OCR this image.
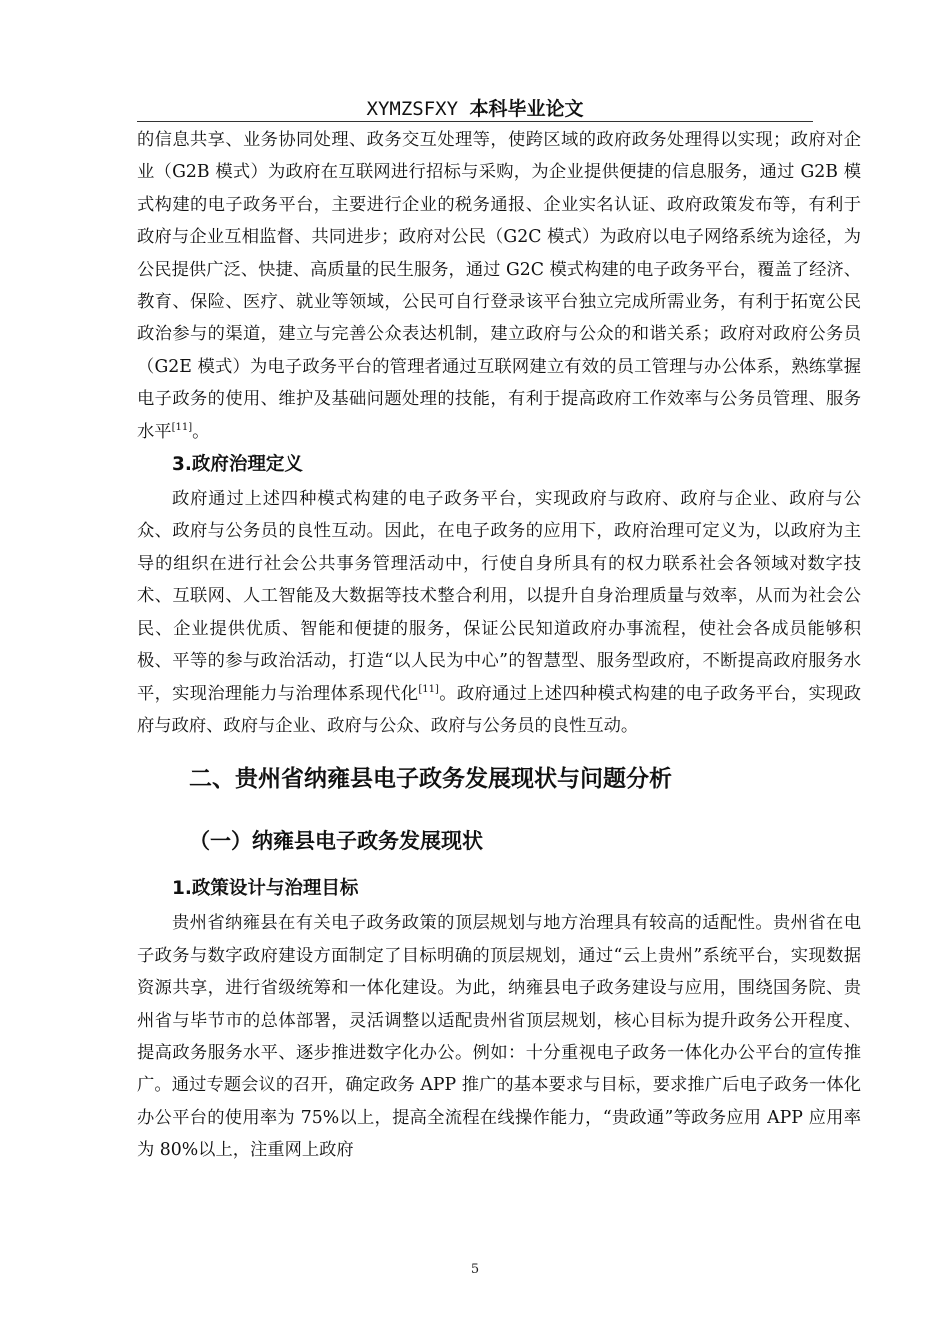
XYMZSFXY 本科毕业论文

的信息共享、业务协同处理、政务交互处理等，使跨区域的政府政务处理得以实现；政府对企业（G2B 模式）为政府在互联网进行招标与采购，为企业提供便捷的信息服务，通过 G2B 模式构建的电子政务平台，主要进行企业的税务通报、企业实名认证、政府政策发布等，有利于政府与企业互相监督、共同进步；政府对公民（G2C 模式）为政府以电子网络系统为途径，为公民提供广泛、快捷、高质量的民生服务，通过 G2C 模式构建的电子政务平台，覆盖了经济、教育、保险、医疗、就业等领域，公民可自行登录该平台独立完成所需业务，有利于拓宽公民政治参与的渠道，建立与完善公众表达机制，建立政府与公众的和谐关系；政府对政府公务员（G2E 模式）为电子政务平台的管理者通过互联网建立有效的员工管理与办公体系，熟练掌握电子政务的使用、维护及基础问题处理的技能，有利于提高政府工作效率与公务员管理、服务水平[11]。

3.政府治理定义

政府通过上述四种模式构建的电子政务平台，实现政府与政府、政府与企业、政府与公众、政府与公务员的良性互动。因此，在电子政务的应用下，政府治理可定义为，以政府为主导的组织在进行社会公共事务管理活动中，行使自身所具有的权力联系社会各领域对数字技术、互联网、人工智能及大数据等技术整合利用，以提升自身治理质量与效率，从而为社会公民、企业提供优质、智能和便捷的服务，保证公民知道政府办事流程，使社会各成员能够积极、平等的参与政治活动，打造“以人民为中心”的智慧型、服务型政府，不断提高政府服务水平，实现治理能力与治理体系现代化[11]。政府通过上述四种模式构建的电子政务平台，实现政府与政府、政府与企业、政府与公众、政府与公务员的良性互动。

二、贵州省纳雍县电子政务发展现状与问题分析
（一）纳雍县电子政务发展现状
1.政策设计与治理目标

贵州省纳雍县在有关电子政务政策的顶层规划与地方治理具有较高的适配性。贵州省在电子政务与数字政府建设方面制定了目标明确的顶层规划，通过“云上贵州”系统平台，实现数据资源共享，进行省级统筹和一体化建设。为此，纳雍县电子政务建设与应用，围绕国务院、贵州省与毕节市的总体部署，灵活调整以适配贵州省顶层规划，核心目标为提升政务公开程度、提高政务服务水平、逐步推进数字化办公。例如：十分重视电子政务一体化办公平台的宣传推广。通过专题会议的召开，确定政务 APP 推广的基本要求与目标，要求推广后电子政务一体化办公平台的使用率为 75%以上，提高全流程在线操作能力，“贵政通”等政务应用 APP 应用率为 80%以上，注重网上政府

5
